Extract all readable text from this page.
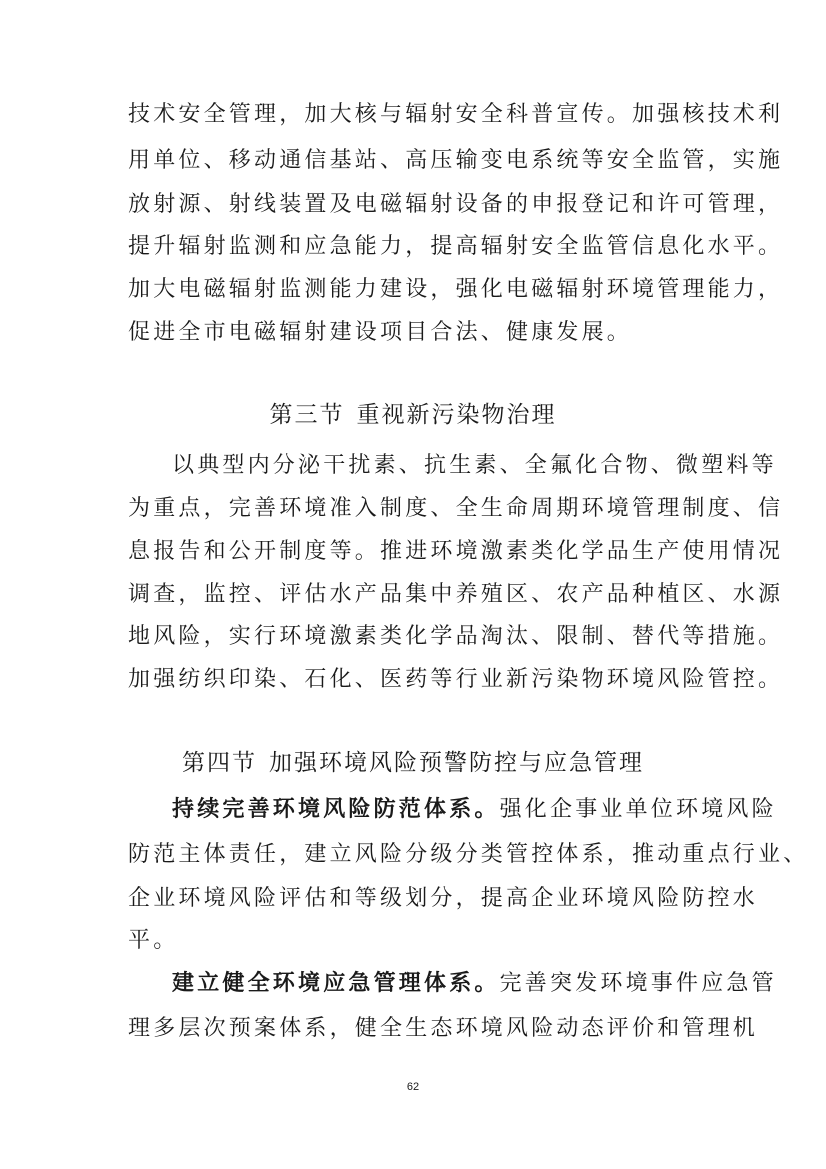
技术安全管理，加大核与辐射安全科普宣传。加强核技术利
用单位、移动通信基站、高压输变电系统等安全监管，实施
放射源、射线装置及电磁辐射设备的申报登记和许可管理，
提升辐射监测和应急能力，提高辐射安全监管信息化水平。
加大电磁辐射监测能力建设，强化电磁辐射环境管理能力，
促进全市电磁辐射建设项目合法、健康发展。
第三节 重视新污染物治理
以典型内分泌干扰素、抗生素、全氟化合物、微塑料等
为重点，完善环境准入制度、全生命周期环境管理制度、信
息报告和公开制度等。推进环境激素类化学品生产使用情况
调查，监控、评估水产品集中养殖区、农产品种植区、水源
地风险，实行环境激素类化学品淘汰、限制、替代等措施。
加强纺织印染、石化、医药等行业新污染物环境风险管控。
第四节 加强环境风险预警防控与应急管理
持续完善环境风险防范体系。强化企事业单位环境风险
防范主体责任，建立风险分级分类管控体系，推动重点行业、
企业环境风险评估和等级划分，提高企业环境风险防控水
平。
建立健全环境应急管理体系。完善突发环境事件应急管
理多层次预案体系，健全生态环境风险动态评价和管理机
62
